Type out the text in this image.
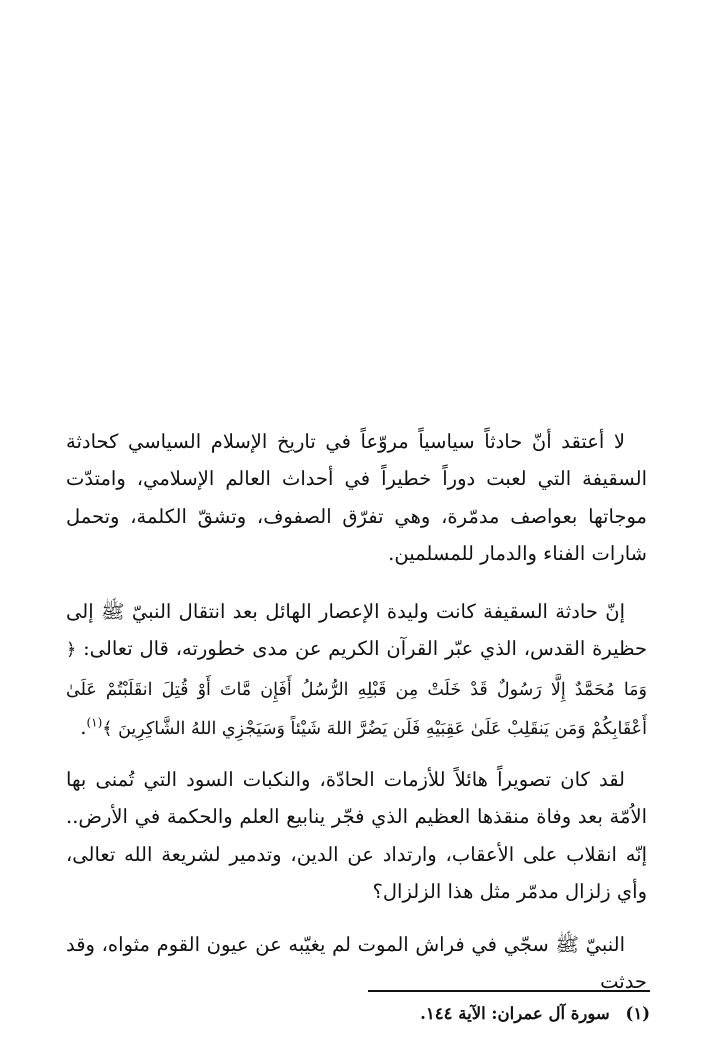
لا أعتقد أنّ حادثاً سياسياً مروّعاً في تاريخ الإسلام السياسي كحادثة السقيفة التي لعبت دوراً خطيراً في أحداث العالم الإسلامي، وامتدّت موجاتها بعواصف مدمّرة، وهي تفرّق الصفوف، وتشقّ الكلمة، وتحمل شارات الفناء والدمار للمسلمين.

إنّ حادثة السقيفة كانت وليدة الإعصار الهائل بعد انتقال النبيّ ﷺ إلى حظيرة القدس، الذي عبّر القرآن الكريم عن مدى خطورته، قال تعالى: ﴿ وَمَا مُحَمَّدٌ إِلَّا رَسُولٌ قَدْ خَلَتْ مِن قَبْلِهِ الرُّسُلُ أَفَإِن مَّاتَ أَوْ قُتِلَ انقَلَبْتُمْ عَلَىٰ أَعْقَابِكُمْ وَمَن يَنقَلِبْ عَلَىٰ عَقِبَيْهِ فَلَن يَضُرَّ اللهَ شَيْئاً وَسَيَجْزِي اللهُ الشَّاكِرِينَ ﴾$^{(١)}$.

لقد كان تصويراً هائلاً للأزمات الحادّة، والنكبات السود التي تُمنى بها الاُمّة بعد وفاة منقذها العظيم الذي فجّر ينابيع العلم والحكمة في الأرض.. إنّه انقلاب على الأعقاب، وارتداد عن الدين، وتدمير لشريعة الله تعالى، وأي زلزال مدمّر مثل هذا الزلزال؟

النبيّ ﷺ سجّي في فراش الموت لم يغيّبه عن عيون القوم مثواه، وقد حدثت

(١) سورة آل عمران: الآية ١٤٤.
